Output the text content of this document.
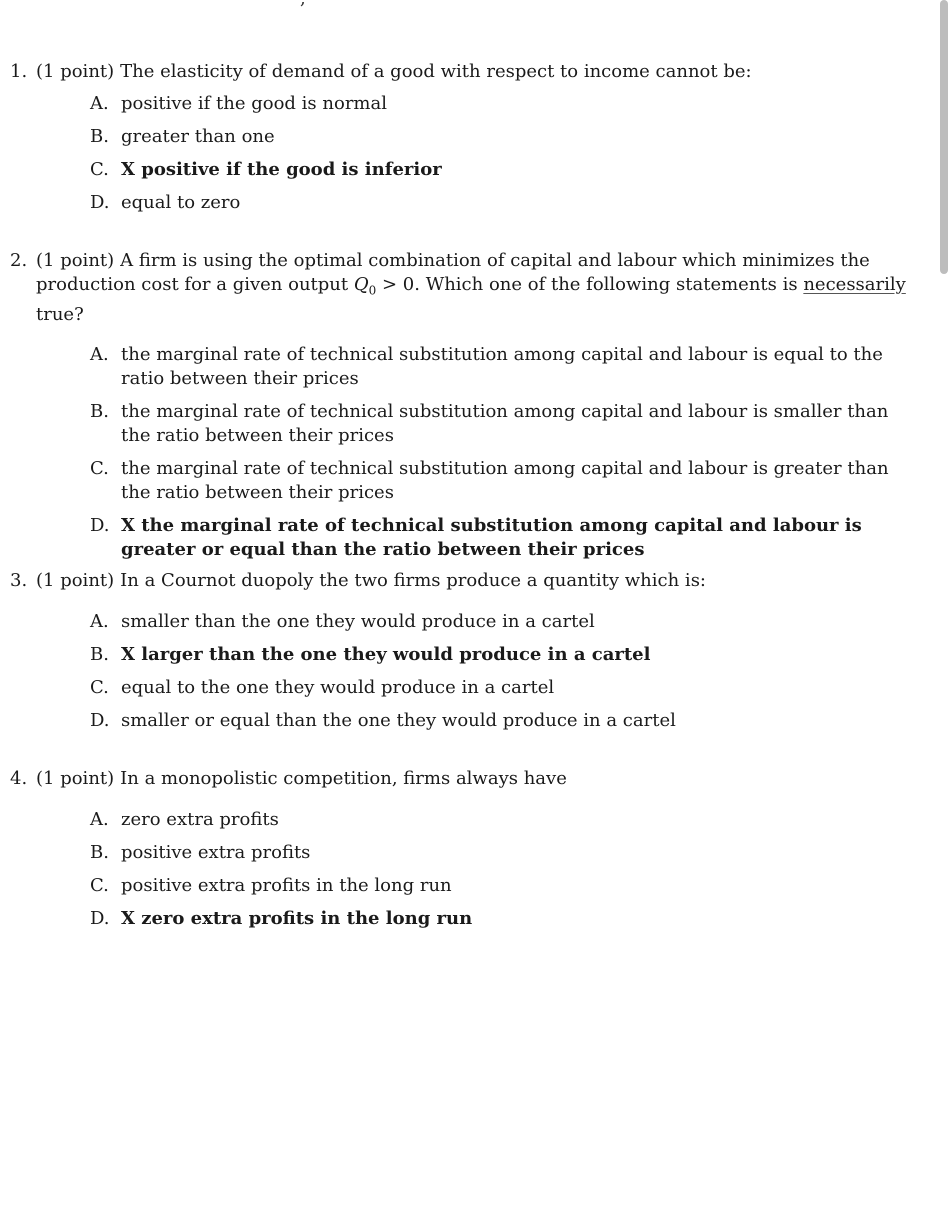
1. (1 point) The elasticity of demand of a good with respect to income cannot be:
A. positive if the good is normal
B. greater than one
C. X positive if the good is inferior
D. equal to zero
2. (1 point) A firm is using the optimal combination of capital and labour which minimizes the production cost for a given output $Q_0 > 0$. Which one of the following statements is necessarily true?
A. the marginal rate of technical substitution among capital and labour is equal to the ratio between their prices
B. the marginal rate of technical substitution among capital and labour is smaller than the ratio between their prices
C. the marginal rate of technical substitution among capital and labour is greater than the ratio between their prices
D. X the marginal rate of technical substitution among capital and labour is greater or equal than the ratio between their prices
3. (1 point) In a Cournot duopoly the two firms produce a quantity which is:
A. smaller than the one they would produce in a cartel
B. X larger than the one they would produce in a cartel
C. equal to the one they would produce in a cartel
D. smaller or equal than the one they would produce in a cartel
4. (1 point) In a monopolistic competition, firms always have
A. zero extra profits
B. positive extra profits
C. positive extra profits in the long run
D. X zero extra profits in the long run
